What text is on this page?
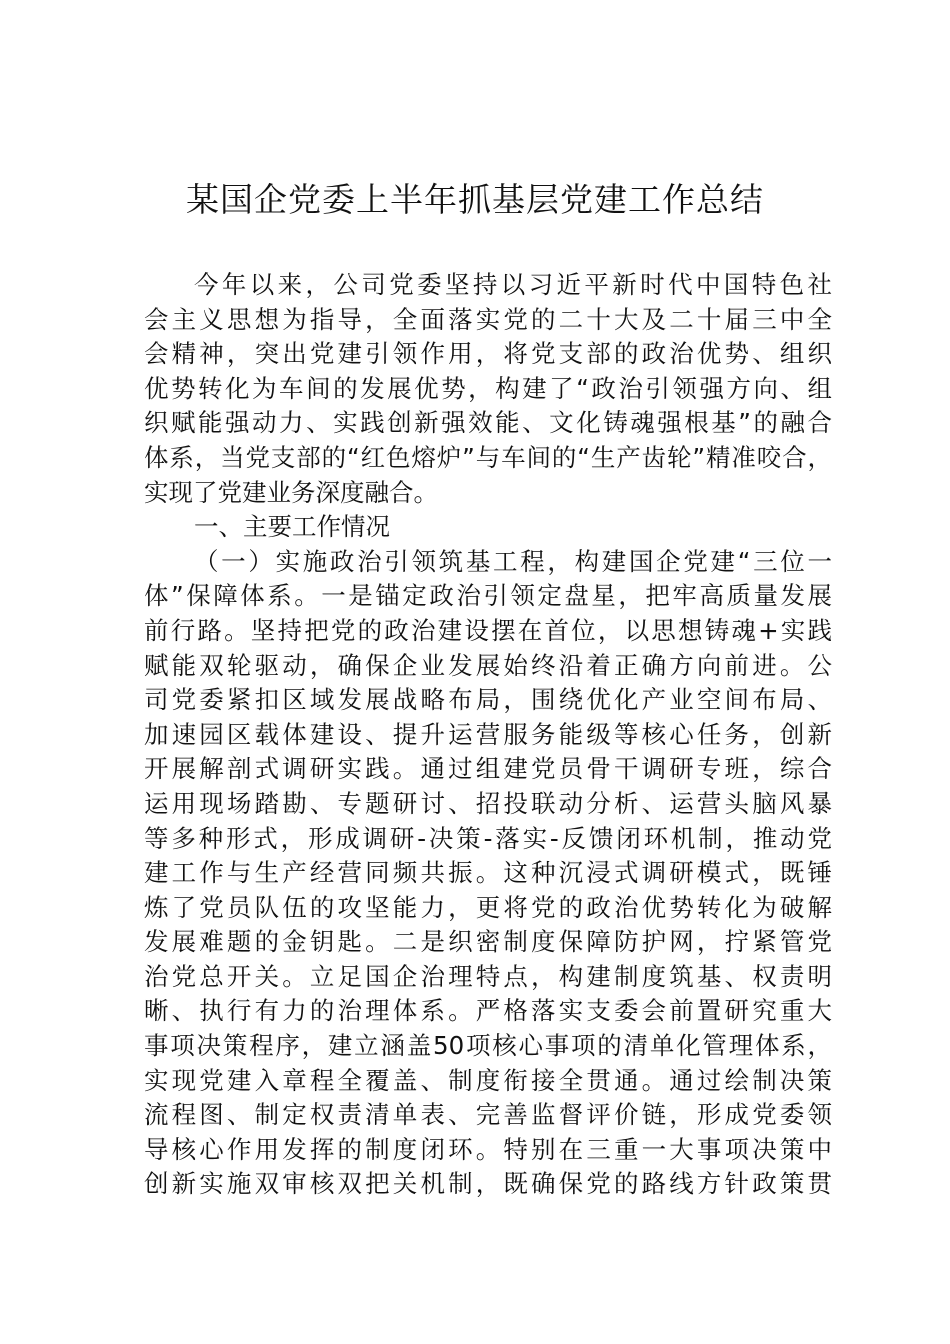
某国企党委上半年抓基层党建工作总结
今年以来，公司党委坚持以习近平新时代中国特色社
会主义思想为指导，全面落实党的二十大及二十届三中全
会精神，突出党建引领作用，将党支部的政治优势、组织
优势转化为车间的发展优势，构建了“政治引领强方向、组
织赋能强动力、实践创新强效能、文化铸魂强根基”的融合
体系，当党支部的“红色熔炉”与车间的“生产齿轮”精准咬合，
实现了党建业务深度融合。
一、主要工作情况
（一）实施政治引领筑基工程，构建国企党建“三位一
体”保障体系。一是锚定政治引领定盘星，把牢高质量发展
前行路。坚持把党的政治建设摆在首位，以思想铸魂+实践
赋能双轮驱动，确保企业发展始终沿着正确方向前进。公
司党委紧扣区域发展战略布局，围绕优化产业空间布局、
加速园区载体建设、提升运营服务能级等核心任务，创新
开展解剖式调研实践。通过组建党员骨干调研专班，综合
运用现场踏勘、专题研讨、招投联动分析、运营头脑风暴
等多种形式，形成调研-决策-落实-反馈闭环机制，推动党
建工作与生产经营同频共振。这种沉浸式调研模式，既锤
炼了党员队伍的攻坚能力，更将党的政治优势转化为破解
发展难题的金钥匙。二是织密制度保障防护网，拧紧管党
治党总开关。立足国企治理特点，构建制度筑基、权责明
晰、执行有力的治理体系。严格落实支委会前置研究重大
事项决策程序，建立涵盖50项核心事项的清单化管理体系，
实现党建入章程全覆盖、制度衔接全贯通。通过绘制决策
流程图、制定权责清单表、完善监督评价链，形成党委领
导核心作用发挥的制度闭环。特别在三重一大事项决策中
创新实施双审核双把关机制，既确保党的路线方针政策贯
